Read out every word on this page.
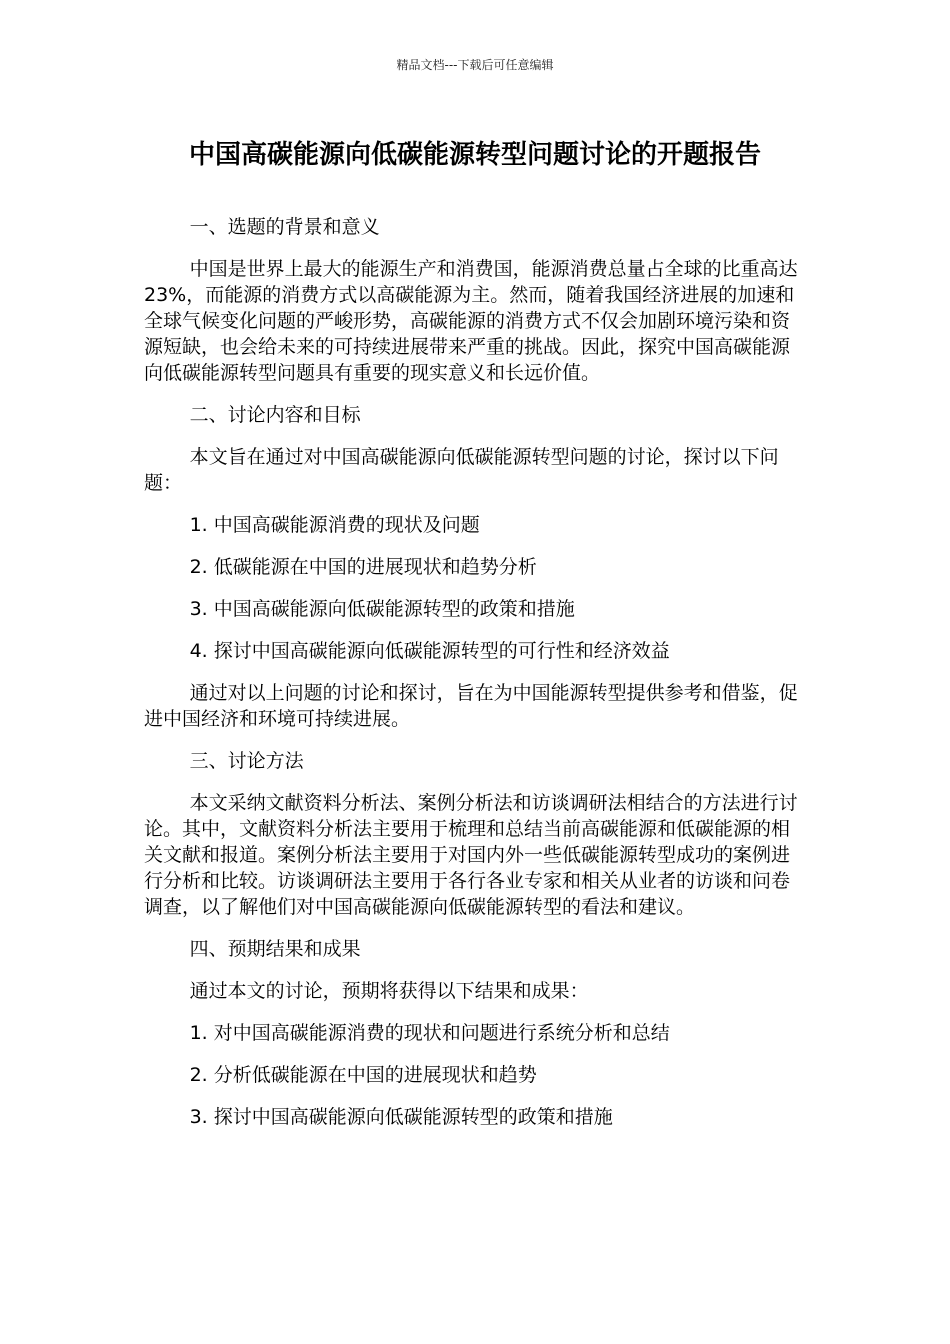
精品文档---下载后可任意编辑
中国高碳能源向低碳能源转型问题讨论的开题报告

一、选题的背景和意义

中国是世界上最大的能源生产和消费国，能源消费总量占全球的比重高达 23%，而能源的消费方式以高碳能源为主。然而，随着我国经济进展的加速和全球气候变化问题的严峻形势，高碳能源的消费方式不仅会加剧环境污染和资源短缺，也会给未来的可持续进展带来严重的挑战。因此，探究中国高碳能源向低碳能源转型问题具有重要的现实意义和长远价值。

二、讨论内容和目标

本文旨在通过对中国高碳能源向低碳能源转型问题的讨论，探讨以下问题：

1. 中国高碳能源消费的现状及问题

2. 低碳能源在中国的进展现状和趋势分析

3. 中国高碳能源向低碳能源转型的政策和措施

4. 探讨中国高碳能源向低碳能源转型的可行性和经济效益

通过对以上问题的讨论和探讨，旨在为中国能源转型提供参考和借鉴，促进中国经济和环境可持续进展。

三、讨论方法

本文采纳文献资料分析法、案例分析法和访谈调研法相结合的方法进行讨论。其中，文献资料分析法主要用于梳理和总结当前高碳能源和低碳能源的相关文献和报道。案例分析法主要用于对国内外一些低碳能源转型成功的案例进行分析和比较。访谈调研法主要用于各行各业专家和相关从业者的访谈和问卷调查，以了解他们对中国高碳能源向低碳能源转型的看法和建议。

四、预期结果和成果

通过本文的讨论，预期将获得以下结果和成果：

1. 对中国高碳能源消费的现状和问题进行系统分析和总结

2. 分析低碳能源在中国的进展现状和趋势

3. 探讨中国高碳能源向低碳能源转型的政策和措施
